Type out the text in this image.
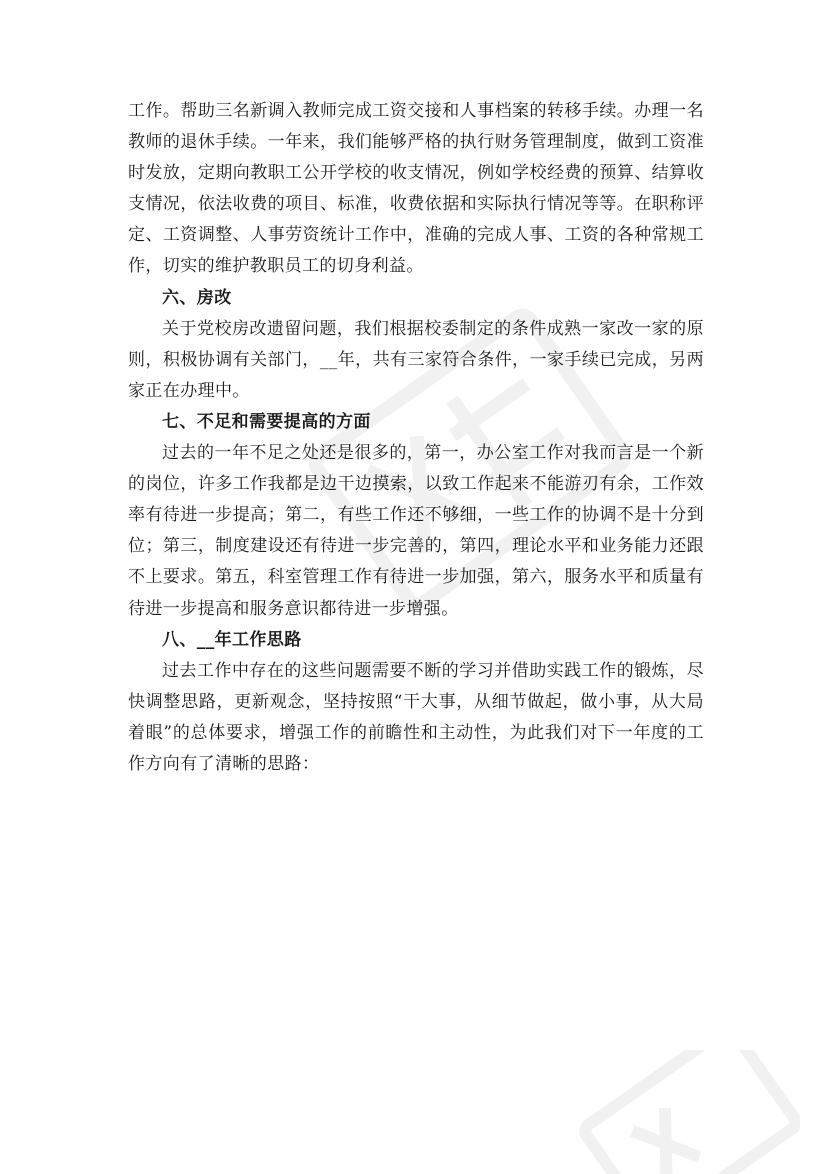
工作。帮助三名新调入教师完成工资交接和人事档案的转移手续。办理一名教师的退休手续。一年来，我们能够严格的执行财务管理制度，做到工资准时发放，定期向教职工公开学校的收支情况，例如学校经费的预算、结算收支情况，依法收费的项目、标准，收费依据和实际执行情况等等。在职称评定、工资调整、人事劳资统计工作中，准确的完成人事、工资的各种常规工作，切实的维护教职员工的切身利益。

六、房改

关于党校房改遗留问题，我们根据校委制定的条件成熟一家改一家的原则，积极协调有关部门，__年，共有三家符合条件，一家手续已完成，另两家正在办理中。

七、不足和需要提高的方面

过去的一年不足之处还是很多的，第一，办公室工作对我而言是一个新的岗位，许多工作我都是边干边摸索，以致工作起来不能游刃有余，工作效率有待进一步提高；第二，有些工作还不够细，一些工作的协调不是十分到位；第三，制度建设还有待进一步完善的，第四，理论水平和业务能力还跟不上要求。第五，科室管理工作有待进一步加强，第六，服务水平和质量有待进一步提高和服务意识都待进一步增强。

八、__年工作思路

过去工作中存在的这些问题需要不断的学习并借助实践工作的锻炼，尽快调整思路，更新观念，坚持按照“干大事，从细节做起，做小事，从大局着眼”的总体要求，增强工作的前瞻性和主动性，为此我们对下一年度的工作方向有了清晰的思路：
